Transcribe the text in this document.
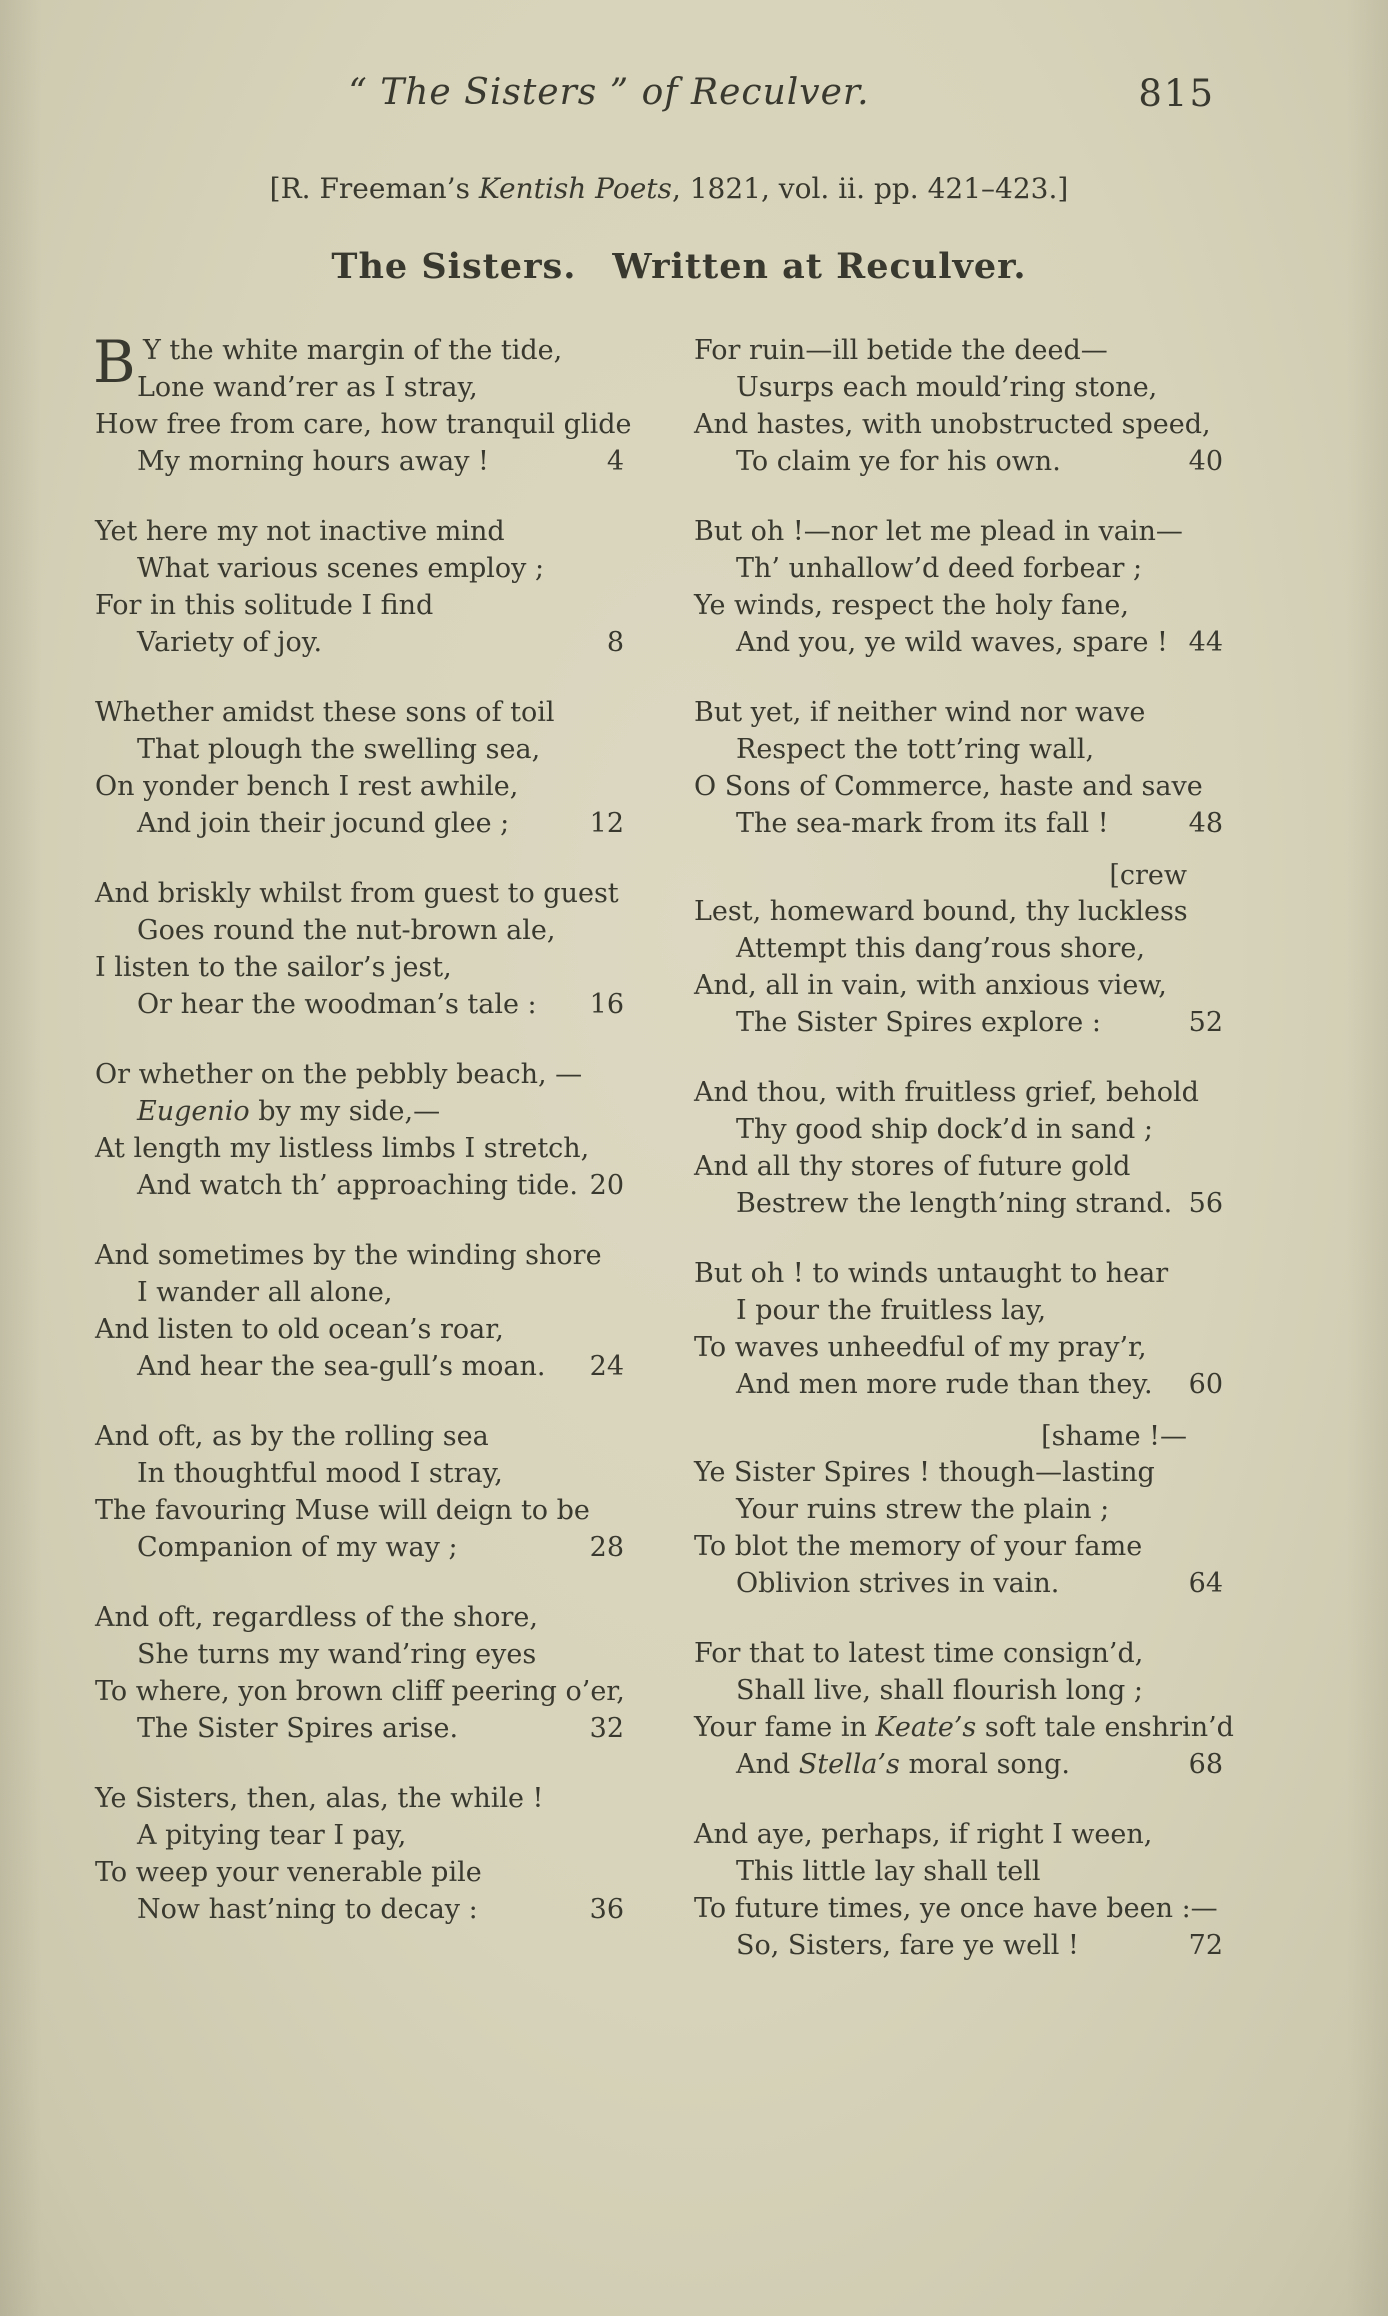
“ The Sisters ” of Reculver.	815
[R. Freeman’s Kentish Poets, 1821, vol. ii. pp. 421–423.]
The Sisters. Written at Reculver.
B Y the white margin of the tide,
Lone wand’rer as I stray,
How free from care, how tranquil glide
My morning hours away !	4
Yet here my not inactive mind
What various scenes employ ;
For in this solitude I find
Variety of joy.	8
Whether amidst these sons of toil
That plough the swelling sea,
On yonder bench I rest awhile,
And join their jocund glee ;	12
And briskly whilst from guest to guest
Goes round the nut-brown ale,
I listen to the sailor’s jest,
Or hear the woodman’s tale : 16
Or whether on the pebbly beach, —
Eugenio by my side,—
At length my listless limbs I stretch,
And watch th’ approaching tide. 20
And sometimes by the winding shore
I wander all alone,
And listen to old ocean’s roar,
And hear the sea-gull’s moan. 24
And oft, as by the rolling sea
In thoughtful mood I stray,
The favouring Muse will deign to be
Companion of my way ;	28
And oft, regardless of the shore,
She turns my wand’ring eyes
To where, yon brown cliff peering o’er,
The Sister Spires arise.	32
Ye Sisters, then, alas, the while !
A pitying tear I pay,
To weep your venerable pile
Now hast’ning to decay :	36
For ruin—ill betide the deed—
Usurps each mould’ring stone,
And hastes, with unobstructed speed,
To claim ye for his own.	40
But oh !—nor let me plead in vain—
Th’ unhallow’d deed forbear ;
Ye winds, respect the holy fane,
And you, ye wild waves, spare ! 44
But yet, if neither wind nor wave
Respect the tott’ring wall,
O Sons of Commerce, haste and save
The sea-mark from its fall !	48
[crew
Lest, homeward bound, thy luckless
Attempt this dang’rous shore,
And, all in vain, with anxious view,
The Sister Spires explore :	52
And thou, with fruitless grief, behold
Thy good ship dock’d in sand ;
And all thy stores of future gold
Bestrew the length’ning strand. 56
But oh ! to winds untaught to hear
I pour the fruitless lay,
To waves unheedful of my pray’r,
And men more rude than they. 60
[shame !—
Ye Sister Spires ! though—lasting
Your ruins strew the plain ;
To blot the memory of your fame
Oblivion strives in vain.	64
For that to latest time consign’d,
Shall live, shall flourish long ;
Your fame in Keate’s soft tale enshrin’d
And Stella’s moral song.	68
And aye, perhaps, if right I ween,
This little lay shall tell
To future times, ye once have been :—
So, Sisters, fare ye well !	72
